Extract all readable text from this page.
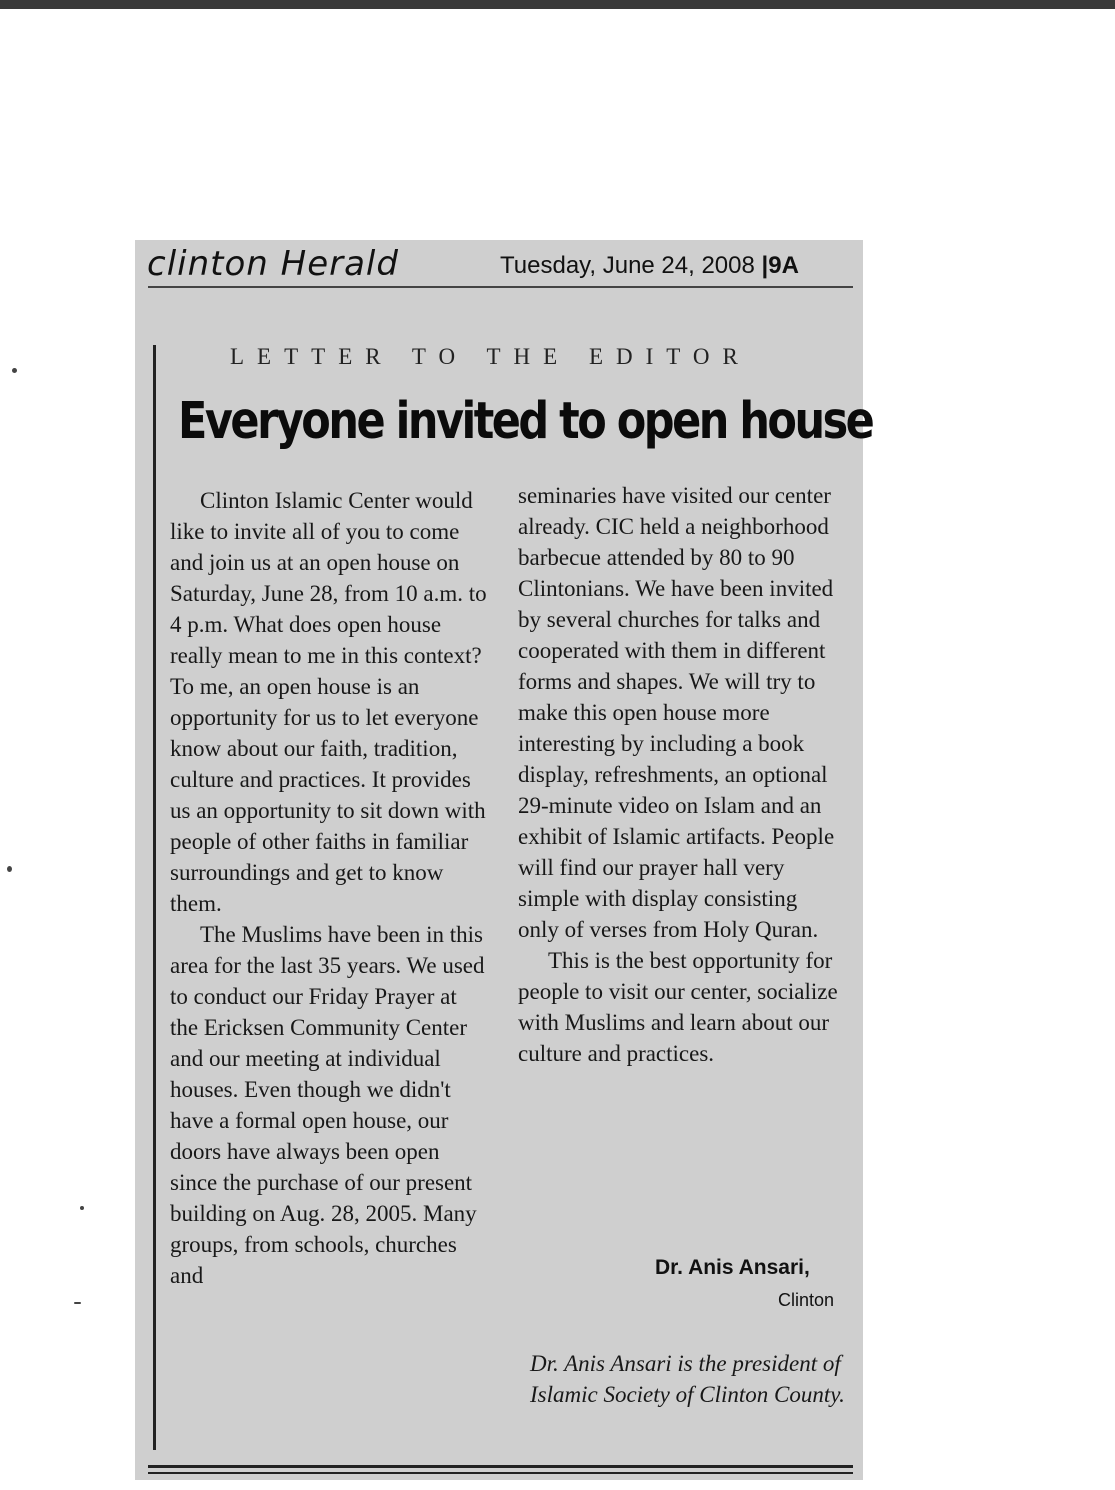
clinton Herald	Tuesday, June 24, 2008 |9A
LETTER TO THE EDITOR
Everyone invited to open house

Clinton Islamic Center would like to invite all of you to come and join us at an open house on Saturday, June 28, from 10 a.m. to 4 p.m. What does open house really mean to me in this context? To me, an open house is an opportunity for us to let everyone know about our faith, tradition, culture and practices. It provides us an opportunity to sit down with people of other faiths in familiar surroundings and get to know them.

The Muslims have been in this area for the last 35 years. We used to conduct our Friday Prayer at the Ericksen Community Center and our meeting at individual houses. Even though we didn't have a formal open house, our doors have always been open since the purchase of our present building on Aug. 28, 2005. Many groups, from schools, churches and

seminaries have visited our center already. CIC held a neighborhood barbecue attended by 80 to 90 Clintonians. We have been invited by several churches for talks and cooperated with them in different forms and shapes. We will try to make this open house more interesting by including a book display, refreshments, an optional 29-minute video on Islam and an exhibit of Islamic artifacts. People will find our prayer hall very simple with display consisting only of verses from Holy Quran.

This is the best opportunity for people to visit our center, socialize with Muslims and learn about our culture and practices.

Dr. Anis Ansari,
Clinton
Dr. Anis Ansari is the president of Islamic Society of Clinton County.
